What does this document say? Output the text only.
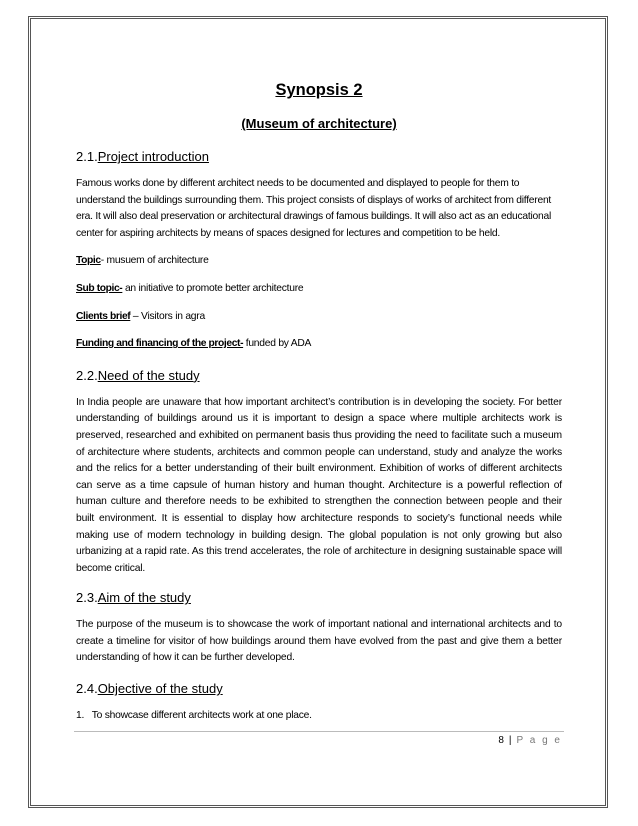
Synopsis 2
(Museum of architecture)
2.1.Project introduction

Famous works done by different architect needs to be documented and displayed to people for them to understand the buildings surrounding them. This project consists of displays of works of architect from different era. It will also deal preservation or architectural drawings of famous buildings. It will also act as an educational center for aspiring architects by means of spaces designed for lectures and competition to be held.

Topic- musuem of architecture

Sub topic- an initiative to promote better architecture

Clients brief – Visitors in agra

Funding and financing of the project- funded by ADA

2.2.Need of the study

In India people are unaware that how important architect’s contribution is in developing the society. For better understanding of buildings around us it is important to design a space where multiple architects work is preserved, researched and exhibited on permanent basis thus providing the need to facilitate such a museum of architecture where students, architects and common people can understand, study and analyze the works and the relics for a better understanding of their built environment. Exhibition of works of different architects can serve as a time capsule of human history and human thought. Architecture is a powerful reflection of human culture and therefore needs to be exhibited to strengthen the connection between people and their built environment. It is essential to display how architecture responds to society’s functional needs while making use of modern technology in building design. The global population is not only growing but also urbanizing at a rapid rate. As this trend accelerates, the role of architecture in designing sustainable space will become critical.

2.3.Aim of the study

The purpose of the museum is to showcase the work of important national and international architects and to create a timeline for visitor of how buildings around them have evolved from the past and give them a better understanding of how it can be further developed.

2.4.Objective of the study

1.   To showcase different architects work at one place.

8 | P a g e
